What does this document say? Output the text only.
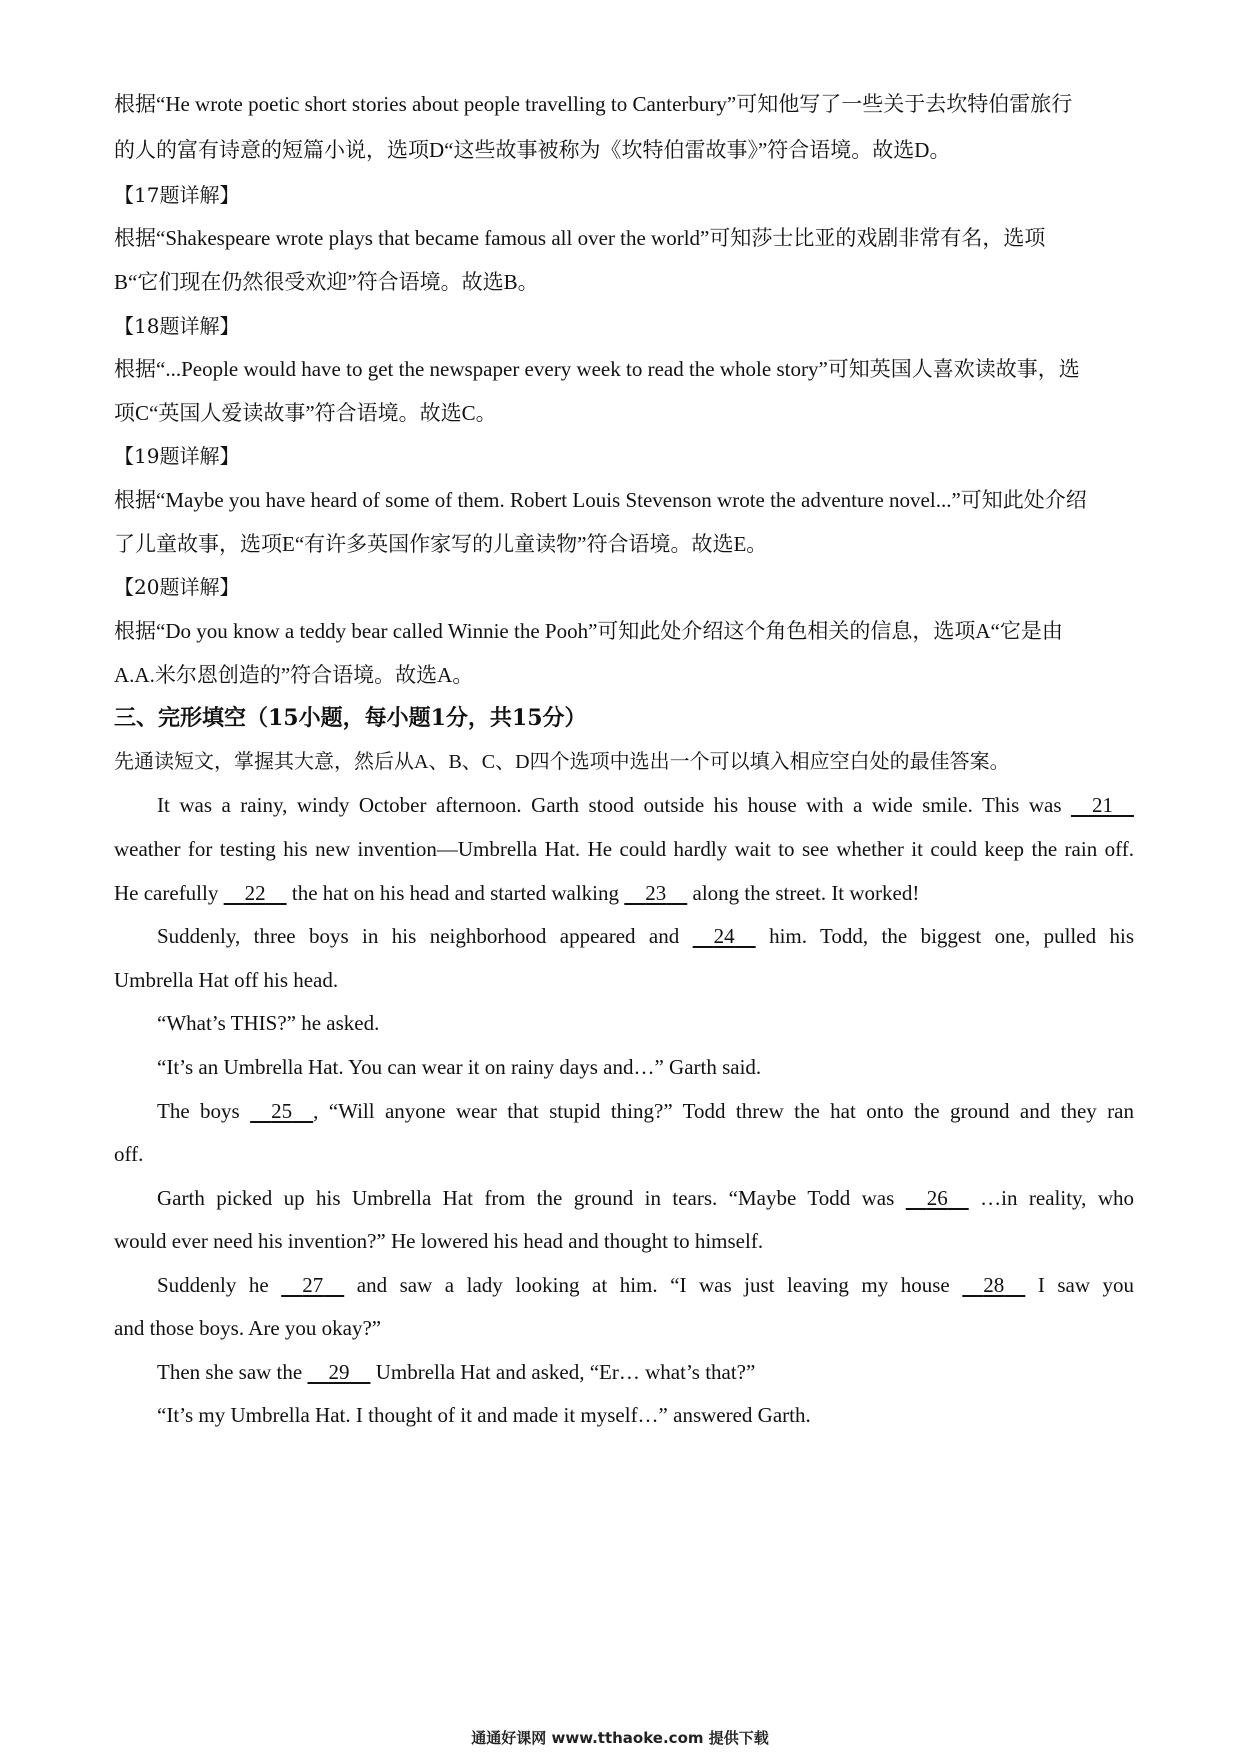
根据“He wrote poetic short stories about people travelling to Canterbury”可知他写了一些关于去坎特伯雷旅行
的人的富有诗意的短篇小说，选项D“这些故事被称为《坎特伯雷故事》”符合语境。故选D。
【17题详解】
根据“Shakespeare wrote plays that became famous all over the world”可知莎士比亚的戏剧非常有名，选项
B“它们现在仍然很受欢迎”符合语境。故选B。
【18题详解】
根据“...People would have to get the newspaper every week to read the whole story”可知英国人喜欢读故事，选
项C“英国人爱读故事”符合语境。故选C。
【19题详解】
根据“Maybe you have heard of some of them. Robert Louis Stevenson wrote the adventure novel...”可知此处介绍
了儿童故事，选项E“有许多英国作家写的儿童读物”符合语境。故选E。
【20题详解】
根据“Do you know a teddy bear called Winnie the Pooh”可知此处介绍这个角色相关的信息，选项A“它是由
A.A.米尔恩创造的”符合语境。故选A。
三、完形填空（15小题，每小题1分，共15分）
先通读短文，掌握其大意，然后从A、B、C、D四个选项中选出一个可以填入相应空白处的最佳答案。
It was a rainy, windy October afternoon. Garth stood outside his house with a wide smile. This was 21
weather for testing his new invention—Umbrella Hat. He could hardly wait to see whether it could keep the rain off.
He carefully 22 the hat on his head and started walking 23 along the street. It worked!
Suddenly, three boys in his neighborhood appeared and 24 him. Todd, the biggest one, pulled his
Umbrella Hat off his head.
“What’s THIS?” he asked.
“It’s an Umbrella Hat. You can wear it on rainy days and…” Garth said.
The boys 25 , “Will anyone wear that stupid thing?” Todd threw the hat onto the ground and they ran
off.
Garth picked up his Umbrella Hat from the ground in tears. “Maybe Todd was 26 …in reality, who
would ever need his invention?” He lowered his head and thought to himself.
Suddenly he 27 and saw a lady looking at him. “I was just leaving my house 28 I saw you
and those boys. Are you okay?”
Then she saw the 29 Umbrella Hat and asked, “Er… what’s that?”
“It’s my Umbrella Hat. I thought of it and made it myself…” answered Garth.
通通好课网 www.tthaoke.com 提供下载
